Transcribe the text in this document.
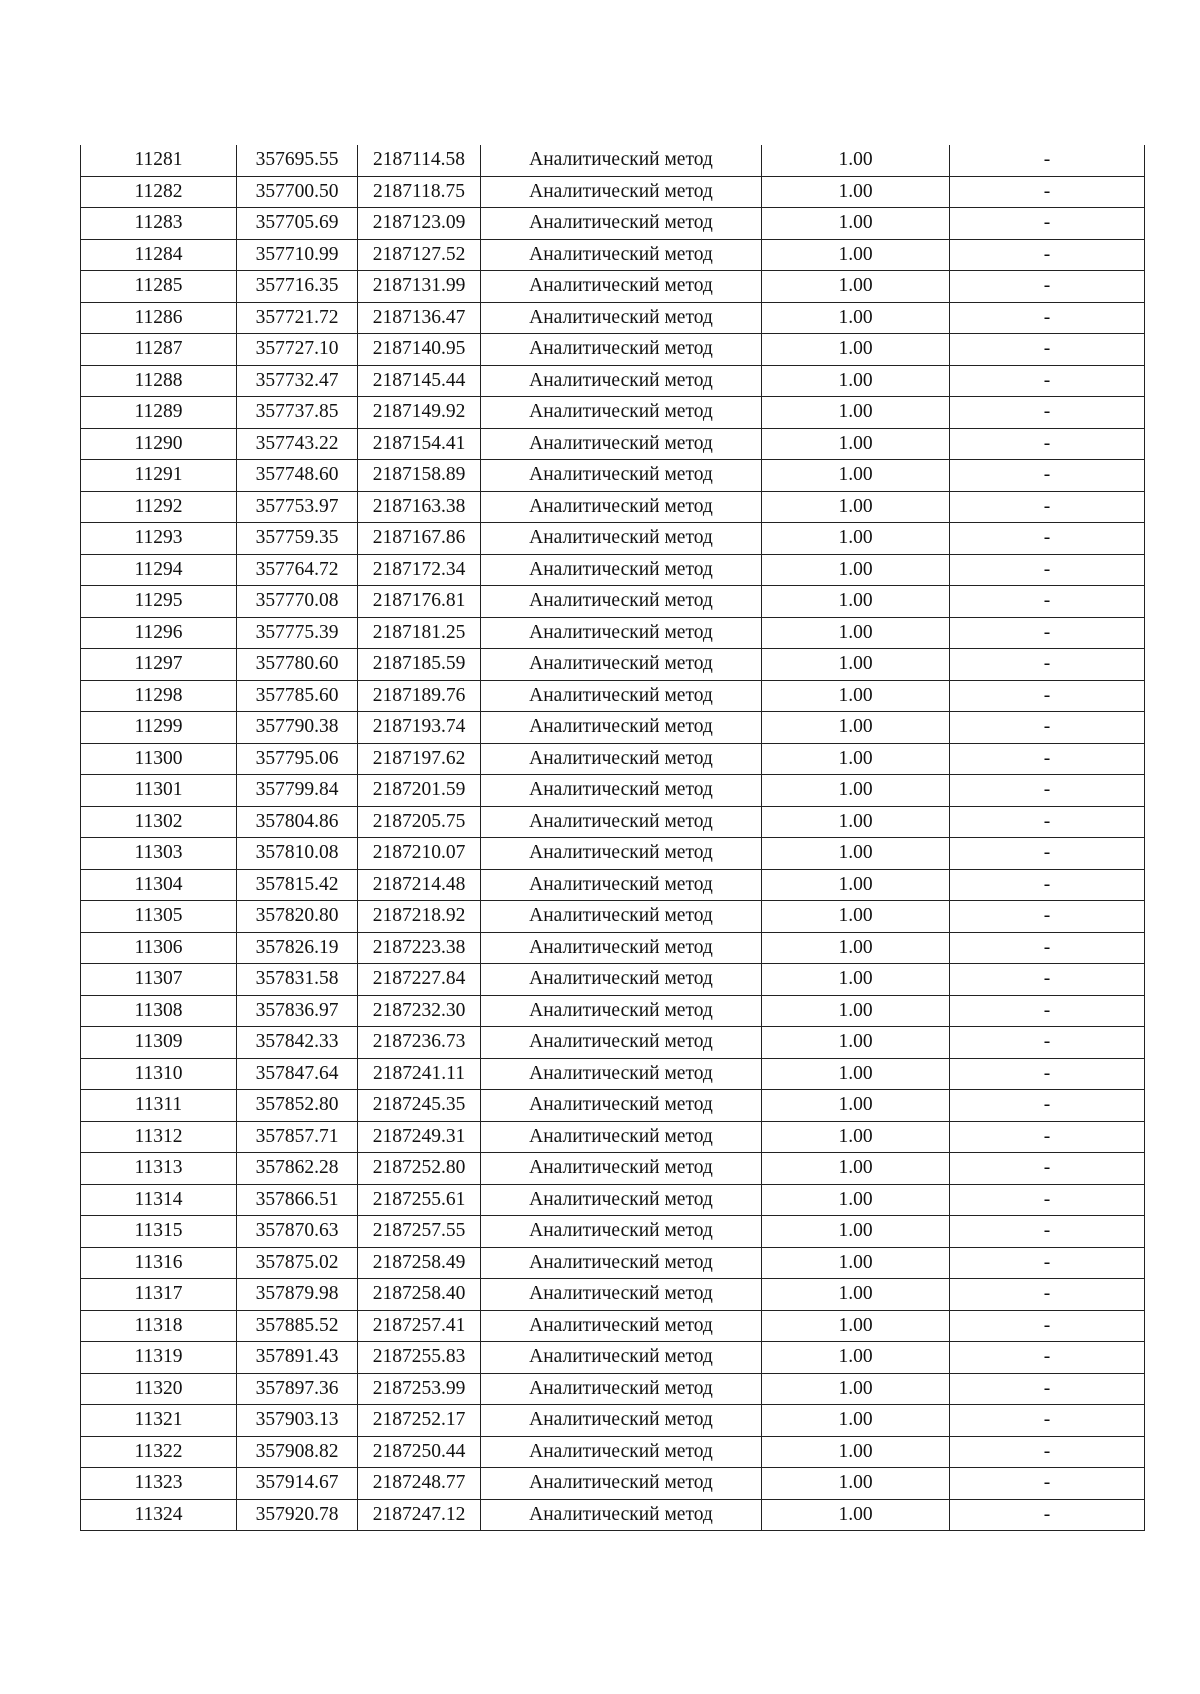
11281	357695.55	2187114.58	Аналитический метод	1.00	-
11282	357700.50	2187118.75	Аналитический метод	1.00	-
11283	357705.69	2187123.09	Аналитический метод	1.00	-
11284	357710.99	2187127.52	Аналитический метод	1.00	-
11285	357716.35	2187131.99	Аналитический метод	1.00	-
11286	357721.72	2187136.47	Аналитический метод	1.00	-
11287	357727.10	2187140.95	Аналитический метод	1.00	-
11288	357732.47	2187145.44	Аналитический метод	1.00	-
11289	357737.85	2187149.92	Аналитический метод	1.00	-
11290	357743.22	2187154.41	Аналитический метод	1.00	-
11291	357748.60	2187158.89	Аналитический метод	1.00	-
11292	357753.97	2187163.38	Аналитический метод	1.00	-
11293	357759.35	2187167.86	Аналитический метод	1.00	-
11294	357764.72	2187172.34	Аналитический метод	1.00	-
11295	357770.08	2187176.81	Аналитический метод	1.00	-
11296	357775.39	2187181.25	Аналитический метод	1.00	-
11297	357780.60	2187185.59	Аналитический метод	1.00	-
11298	357785.60	2187189.76	Аналитический метод	1.00	-
11299	357790.38	2187193.74	Аналитический метод	1.00	-
11300	357795.06	2187197.62	Аналитический метод	1.00	-
11301	357799.84	2187201.59	Аналитический метод	1.00	-
11302	357804.86	2187205.75	Аналитический метод	1.00	-
11303	357810.08	2187210.07	Аналитический метод	1.00	-
11304	357815.42	2187214.48	Аналитический метод	1.00	-
11305	357820.80	2187218.92	Аналитический метод	1.00	-
11306	357826.19	2187223.38	Аналитический метод	1.00	-
11307	357831.58	2187227.84	Аналитический метод	1.00	-
11308	357836.97	2187232.30	Аналитический метод	1.00	-
11309	357842.33	2187236.73	Аналитический метод	1.00	-
11310	357847.64	2187241.11	Аналитический метод	1.00	-
11311	357852.80	2187245.35	Аналитический метод	1.00	-
11312	357857.71	2187249.31	Аналитический метод	1.00	-
11313	357862.28	2187252.80	Аналитический метод	1.00	-
11314	357866.51	2187255.61	Аналитический метод	1.00	-
11315	357870.63	2187257.55	Аналитический метод	1.00	-
11316	357875.02	2187258.49	Аналитический метод	1.00	-
11317	357879.98	2187258.40	Аналитический метод	1.00	-
11318	357885.52	2187257.41	Аналитический метод	1.00	-
11319	357891.43	2187255.83	Аналитический метод	1.00	-
11320	357897.36	2187253.99	Аналитический метод	1.00	-
11321	357903.13	2187252.17	Аналитический метод	1.00	-
11322	357908.82	2187250.44	Аналитический метод	1.00	-
11323	357914.67	2187248.77	Аналитический метод	1.00	-
11324	357920.78	2187247.12	Аналитический метод	1.00	-
